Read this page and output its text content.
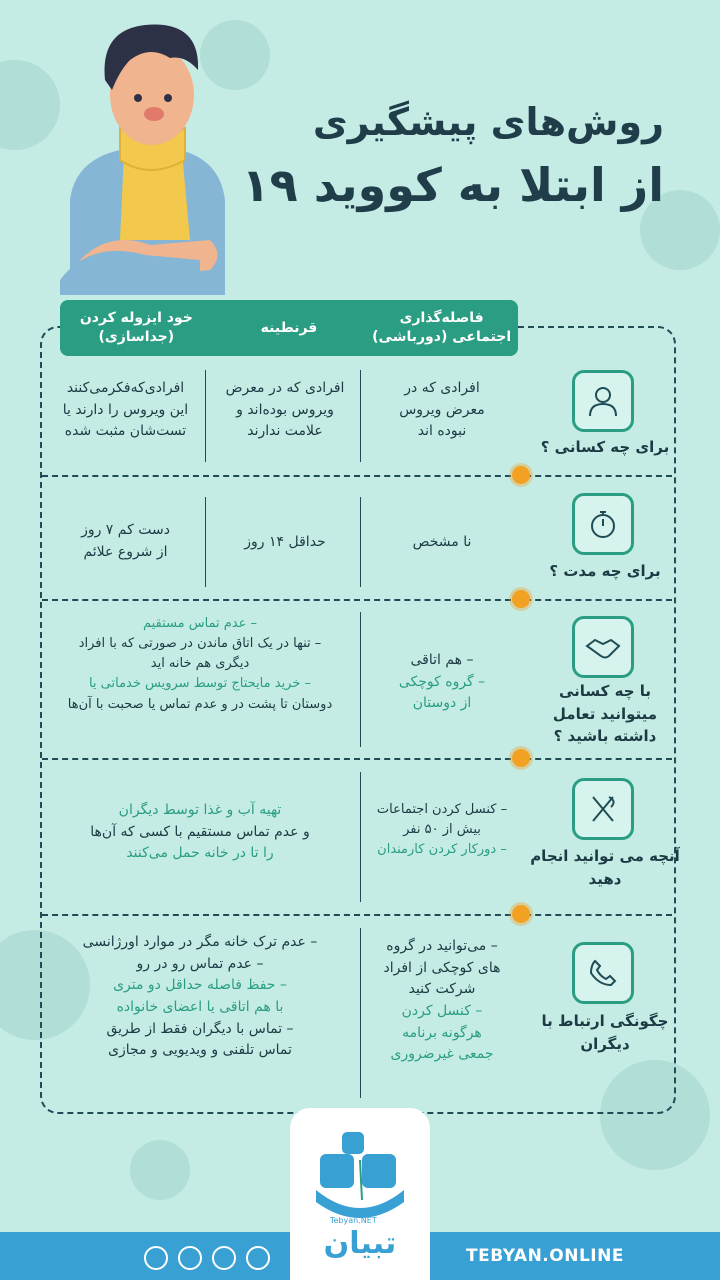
روش‌های پیشگیری
از ابتلا به کووید ۱۹
خود ایزوله کردن (جداسازی)
قرنطینه
فاصله‌گذاری اجتماعی (دورباشی)
برای چه کسانی ؟
افرادی که در
معرض ویروس
نبوده اند
افرادی که در معرض
ویروس بوده‌اند و
علامت ندارند
افرادی‌که‌فکرمی‌کنند
این ویروس را دارند یا
تست‌شان مثبت شده
برای چه مدت ؟
نا مشخص
حداقل ۱۴ روز
دست کم ۷ روز
از شروع علائم
با چه کسانی میتوانید تعامل داشته باشید ؟
– هم اتاقی
– گروه کوچکی
از دوستان
– عدم تماس مستقیم
– تنها در یک اتاق ماندن در صورتی که با افراد
دیگری هم خانه اید
– خرید مایحتاج توسط سرویس خدماتی یا
دوستان تا پشت در و عدم تماس یا صحبت با آن‌ها
آنچه می توانید انجام دهید
– کنسل کردن اجتماعات
بیش از ۵۰ نفر
– دورکار کردن کارمندان
تهیه آب و غذا توسط دیگران
و عدم تماس مستقیم با کسی که آن‌ها
را تا در خانه حمل می‌کنند
چگونگی ارتباط با دیگران
– می‌توانید در گروه
های کوچکی از افراد
شرکت کنید
– کنسل کردن
هرگونه برنامه
جمعی غیرضروری
– عدم ترک خانه مگر در موارد اورژانسی
– عدم تماس رو در رو
– حفظ فاصله حداقل دو متری
با هم اتاقی یا اعضای خانواده
– تماس با دیگران فقط از طریق
تماس تلفنی و ویدیویی و مجازی
TEBYAN.ONLINE
Tebyan.NET
تبیان
